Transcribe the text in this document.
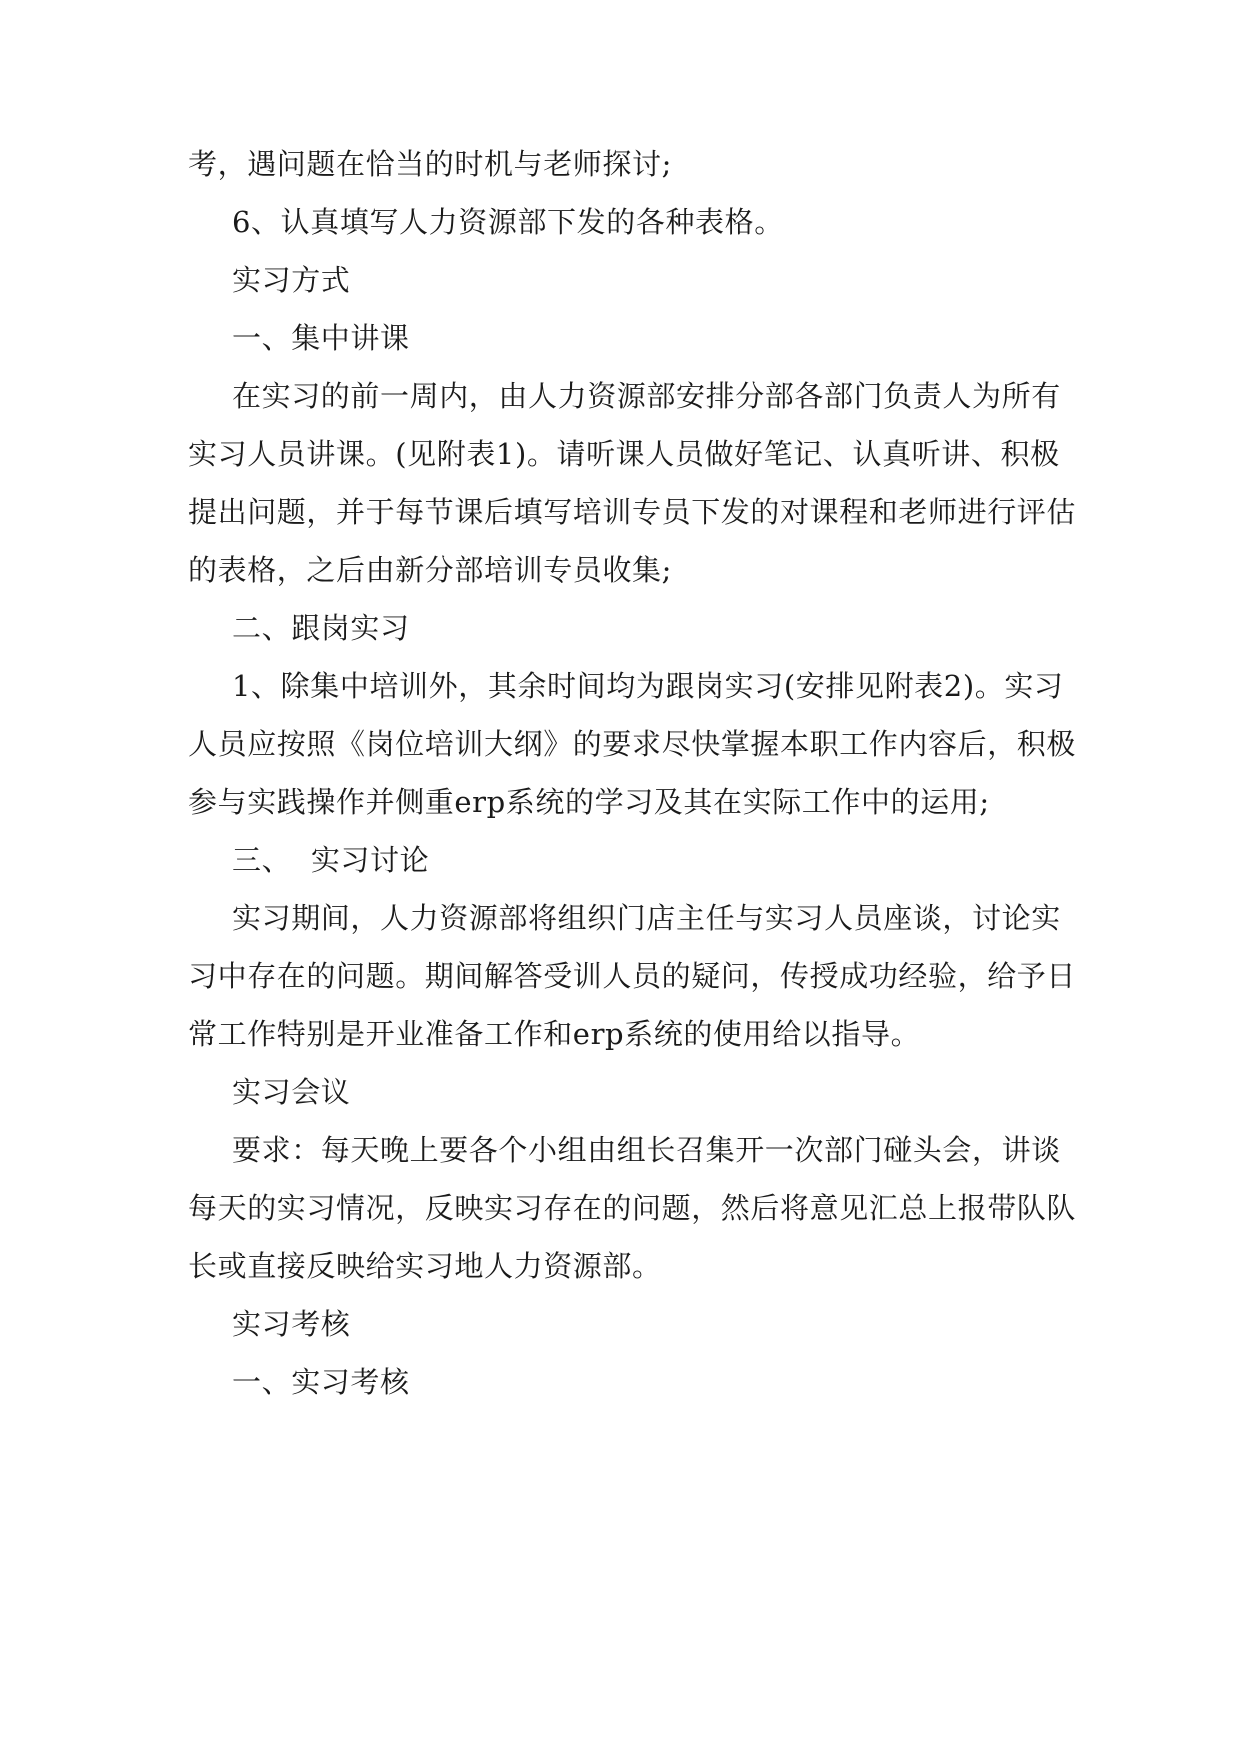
考，遇问题在恰当的时机与老师探讨;
6、认真填写人力资源部下发的各种表格。
实习方式
一、集中讲课
在实习的前一周内，由人力资源部安排分部各部门负责人为所有
实习人员讲课。(见附表1)。请听课人员做好笔记、认真听讲、积极
提出问题，并于每节课后填写培训专员下发的对课程和老师进行评估
的表格，之后由新分部培训专员收集;
二、跟岗实习
1、除集中培训外，其余时间均为跟岗实习(安排见附表2)。实习
人员应按照《岗位培训大纲》的要求尽快掌握本职工作内容后，积极
参与实践操作并侧重erp系统的学习及其在实际工作中的运用;
三、  实习讨论
实习期间，人力资源部将组织门店主任与实习人员座谈，讨论实
习中存在的问题。期间解答受训人员的疑问，传授成功经验，给予日
常工作特别是开业准备工作和erp系统的使用给以指导。
实习会议
要求：每天晚上要各个小组由组长召集开一次部门碰头会，讲谈
每天的实习情况，反映实习存在的问题，然后将意见汇总上报带队队
长或直接反映给实习地人力资源部。
实习考核
一、实习考核
